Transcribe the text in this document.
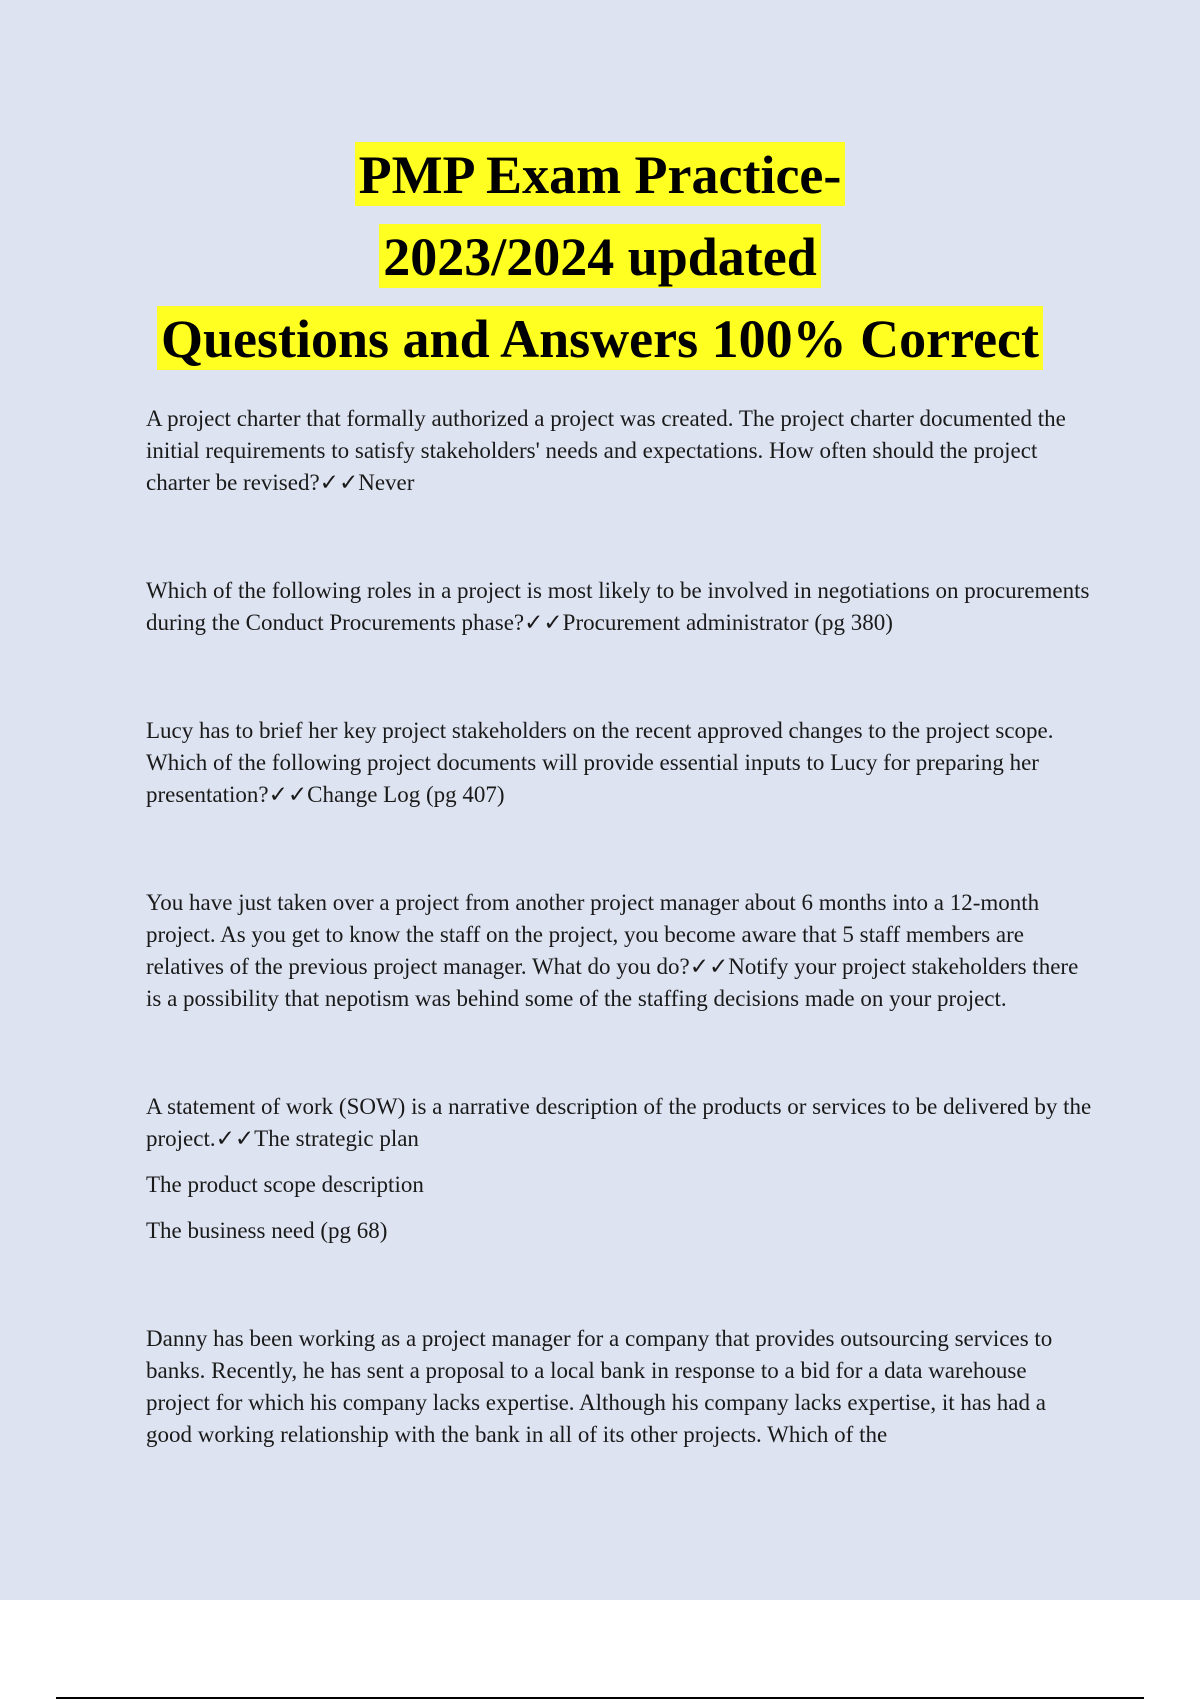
PMP Exam Practice-
2023/2024 updated
Questions and Answers 100% Correct

A project charter that formally authorized a project was created. The project charter documented the initial requirements to satisfy stakeholders' needs and expectations. How often should the project charter be revised?✓✓Never

Which of the following roles in a project is most likely to be involved in negotiations on procurements during the Conduct Procurements phase?✓✓Procurement administrator (pg 380)

Lucy has to brief her key project stakeholders on the recent approved changes to the project scope. Which of the following project documents will provide essential inputs to Lucy for preparing her presentation?✓✓Change Log (pg 407)

You have just taken over a project from another project manager about 6 months into a 12-month project. As you get to know the staff on the project, you become aware that 5 staff members are relatives of the previous project manager. What do you do?✓✓Notify your project stakeholders there is a possibility that nepotism was behind some of the staffing decisions made on your project.

A statement of work (SOW) is a narrative description of the products or services to be delivered by the project.✓✓The strategic plan

The product scope description

The business need (pg 68)

Danny has been working as a project manager for a company that provides outsourcing services to banks. Recently, he has sent a proposal to a local bank in response to a bid for a data warehouse project for which his company lacks expertise. Although his company lacks expertise, it has had a good working relationship with the bank in all of its other projects. Which of the
